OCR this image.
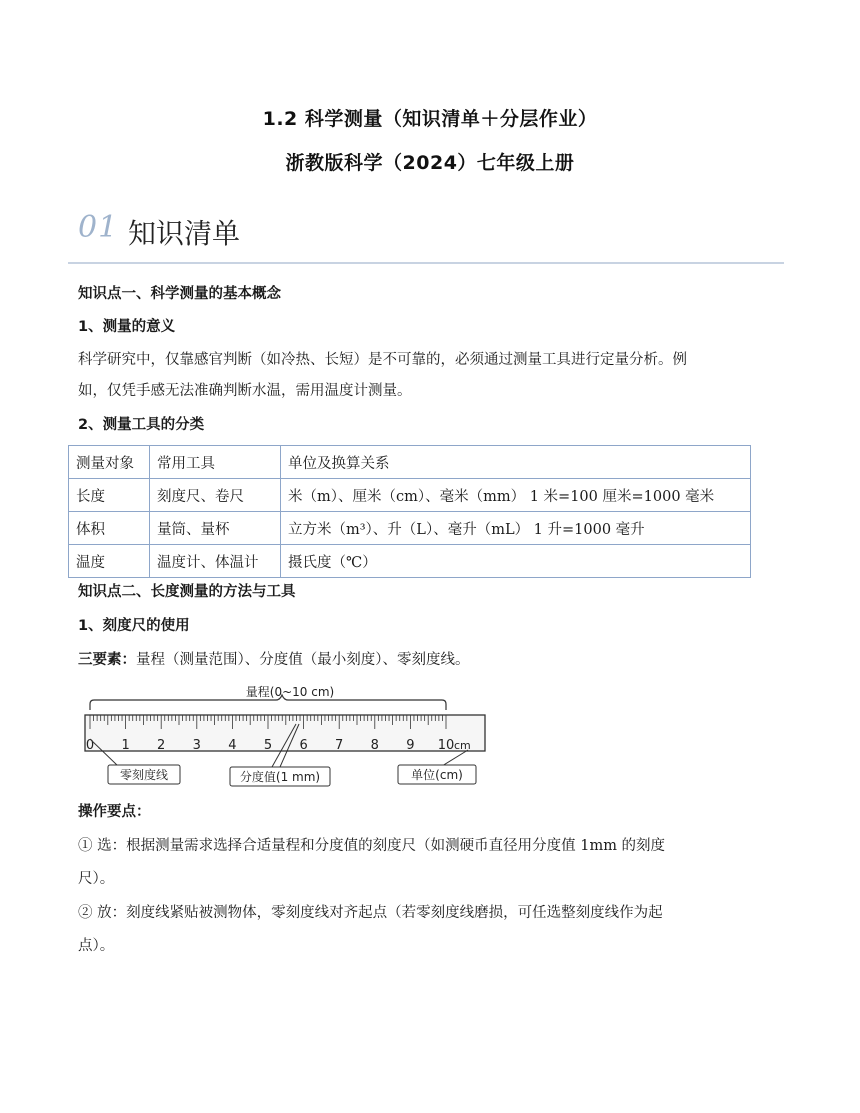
1.2 科学测量（知识清单＋分层作业）
浙教版科学（2024）七年级上册
01 知识清单
知识点一、科学测量的基本概念
1、测量的意义
科学研究中，仅靠感官判断（如冷热、长短）是不可靠的，必须通过测量工具进行定量分析。例
如，仅凭手感无法准确判断水温，需用温度计测量。
2、测量工具的分类
测量对象	常用工具	单位及换算关系
长度	刻度尺、卷尺	米（m）、厘米（cm）、毫米（mm） 1 米=100 厘米=1000 毫米
体积	量筒、量杯	立方米（m³）、升（L）、毫升（mL） 1 升=1000 毫升
温度	温度计、体温计	摄氏度（℃）
知识点二、长度测量的方法与工具
1、刻度尺的使用
三要素：量程（测量范围）、分度值（最小刻度）、零刻度线。
量程(0~10 cm)
0 1 2 3 4 5 6 7 8 9 10 cm
零刻度线	分度值(1 mm)	单位(cm)
操作要点：
① 选：根据测量需求选择合适量程和分度值的刻度尺（如测硬币直径用分度值 1mm 的刻度
尺）。
② 放：刻度线紧贴被测物体，零刻度线对齐起点（若零刻度线磨损，可任选整刻度线作为起
点）。
